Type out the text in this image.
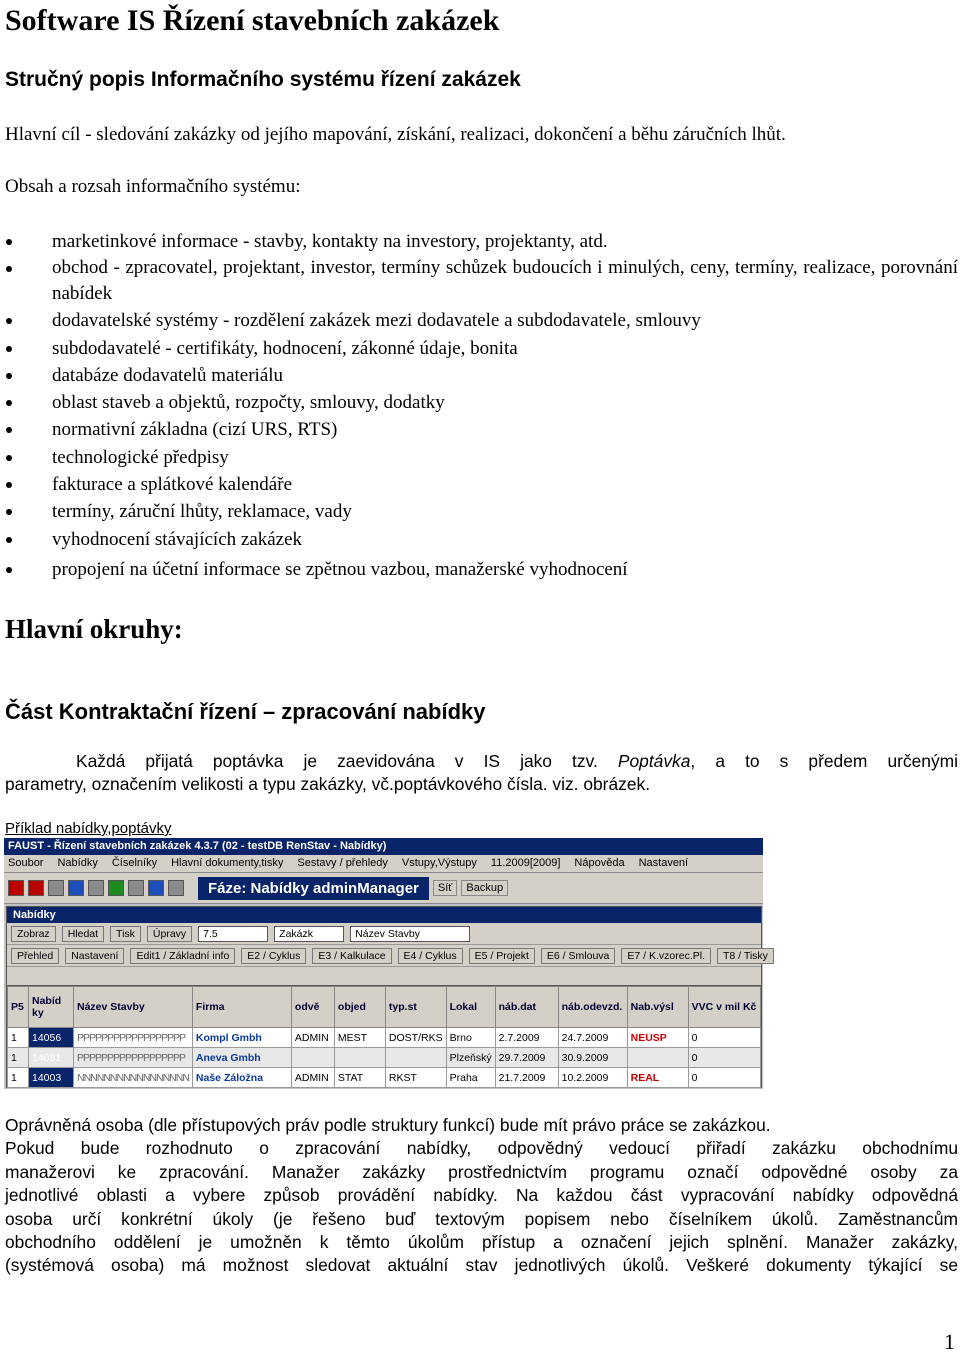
Software IS Řízení stavebních zakázek

Stručný popis Informačního systému řízení zakázek

Hlavní cíl - sledování zakázky od jejího mapování, získání, realizaci, dokončení a běhu záručních lhůt.
Obsah a rozsah informačního systému:
marketinkové informace - stavby, kontakty na investory, projektanty, atd.
obchod - zpracovatel, projektant, investor, termíny schůzek budoucích i minulých, ceny, termíny, realizace, porovnání nabídek
dodavatelské systémy - rozdělení zakázek mezi dodavatele a subdodavatele, smlouvy
subdodavatelé - certifikáty, hodnocení, zákonné údaje, bonita
databáze dodavatelů materiálu
oblast staveb a objektů, rozpočty, smlouvy, dodatky
normativní základna (cizí URS, RTS)
technologické předpisy
fakturace a splátkové kalendáře
termíny, záruční lhůty, reklamace, vady
vyhodnocení stávajících zakázek
propojení na účetní informace se zpětnou vazbou, manažerské vyhodnocení
Hlavní okruhy:
Část Kontraktační řízení – zpracování nabídky
Každá přijatá poptávka je zaevidována v IS jako tzv. Poptávka, a to s předem určenými
parametry, označením velikosti a typu zakázky, vč.poptávkového čísla. viz. obrázek.
Příklad nabídky,poptávky
FAUST - Řízení stavebních zakázek 4.3.7 (02 - testDB RenStav - Nabídky)
Soubor Nabídky Číselníky Hlavní dokumenty,tisky Sestavy / přehledy Vstupy,Výstupy 11.2009[2009] Nápověda Nastavení
Fáze: Nabídky adminManager	Síť	Backup
Nabídky
Zobraz	Hledat	Tisk	Úpravy	7.5	Zakázk	Název Stavby
Přehled	Nastavení	Edit1 / Základní info	E2 / Cyklus	E3 / Kalkulace	E4 / Cyklus	E5 / Projekt	E6 / Smlouva	E7 / K.vzorec.Pl.	T8 / Tisky
P5	Nabíd ky	Název Stavby	Firma	odvě	objed	typ.st	Lokal	náb.dat	náb.odevzd.	Nab.výsl	VVC v mil Kč
1	14056	PPPPPPPPPPPPPPPPPP	Kompl Gmbh	ADMIN	MEST	DOST/RKS	Brno	2.7.2009	24.7.2009	NEUSP	0
1	14081	PPPPPPPPPPPPPPPPPP	Aneva Gmbh				Plzeňský	29.7.2009	30.9.2009		0
1	14003	NNNNNNNNNNNNNNNNN	Naše Záložna	ADMIN	STAT	RKST	Praha	21.7.2009	10.2.2009	REAL	0
Oprávněná osoba (dle přístupových práv podle struktury funkcí) bude mít právo práce se zakázkou.
Pokud bude rozhodnuto o zpracování nabídky, odpovědný vedoucí přiřadí zakázku obchodnímu
manažerovi ke zpracování. Manažer zakázky prostřednictvím programu označí odpovědné osoby za
jednotlivé oblasti a vybere způsob provádění nabídky. Na každou část vypracování nabídky odpovědná
osoba určí konkrétní úkoly (je řešeno buď textovým popisem nebo číselníkem úkolů. Zaměstnancům
obchodního oddělení je umožněn k těmto úkolům přístup a označení jejich splnění. Manažer zakázky,
(systémová osoba) má možnost sledovat aktuální stav jednotlivých úkolů. Veškeré dokumenty týkající se
1
